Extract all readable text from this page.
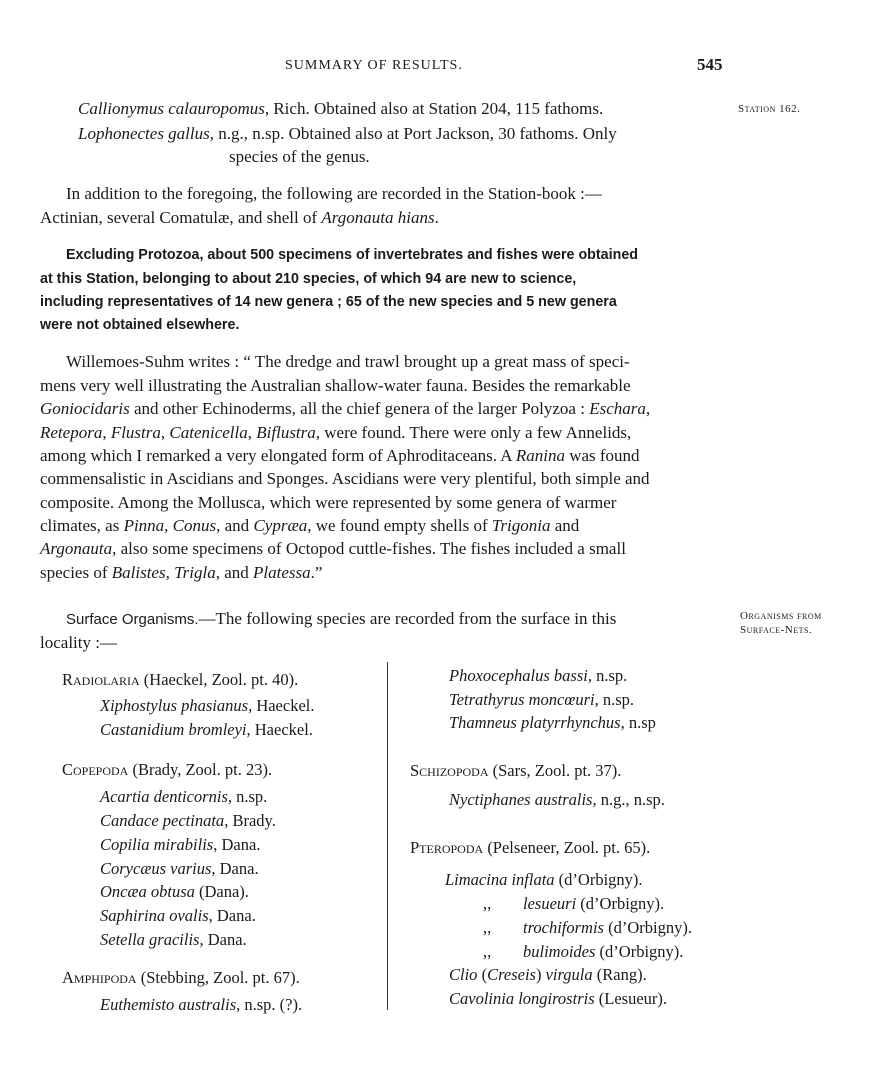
SUMMARY OF RESULTS.	545
Station 162.
Organisms from
Surface-Nets.
Callionymus calauropomus, Rich. Obtained also at Station 204, 115 fathoms.
Lophonectes gallus, n.g., n.sp. Obtained also at Port Jackson, 30 fathoms. Only
species of the genus.
In addition to the foregoing, the following are recorded in the Station-book :—
Actinian, several Comatulæ, and shell of Argonauta hians.
Excluding Protozoa, about 500 specimens of invertebrates and fishes were obtained
at this Station, belonging to about 210 species, of which 94 are new to science,
including representatives of 14 new genera ; 65 of the new species and 5 new genera
were not obtained elsewhere.
Willemoes-Suhm writes : “ The dredge and trawl brought up a great mass of speci-
mens very well illustrating the Australian shallow-water fauna. Besides the remarkable
Goniocidaris and other Echinoderms, all the chief genera of the larger Polyzoa : Eschara,
Retepora, Flustra, Catenicella, Biflustra, were found. There were only a few Annelids,
among which I remarked a very elongated form of Aphroditaceans. A Ranina was found
commensalistic in Ascidians and Sponges. Ascidians were very plentiful, both simple and
composite. Among the Mollusca, which were represented by some genera of warmer
climates, as Pinna, Conus, and Cypræa, we found empty shells of Trigonia and
Argonauta, also some specimens of Octopod cuttle-fishes. The fishes included a small
species of Balistes, Trigla, and Platessa.”
Surface Organisms.—The following species are recorded from the surface in this
locality :—
Radiolaria (Haeckel, Zool. pt. 40).
Xiphostylus phasianus, Haeckel.
Castanidium bromleyi, Haeckel.
Copepoda (Brady, Zool. pt. 23).
Acartia denticornis, n.sp.
Candace pectinata, Brady.
Copilia mirabilis, Dana.
Corycæus varius, Dana.
Oncæa obtusa (Dana).
Saphirina ovalis, Dana.
Setella gracilis, Dana.
Amphipoda (Stebbing, Zool. pt. 67).
Euthemisto australis, n.sp. (?).
Phoxocephalus bassi, n.sp.
Tetrathyrus moncœuri, n.sp.
Thamneus platyrrhynchus, n.sp
Schizopoda (Sars, Zool. pt. 37).
Nyctiphanes australis, n.g., n.sp.
Pteropoda (Pelseneer, Zool. pt. 65).
Limacina inflata (d’Orbigny).
,, lesueuri (d’Orbigny).
,, trochiformis (d’Orbigny).
,, bulimoides (d’Orbigny).
Clio (Creseis) virgula (Rang).
Cavolinia longirostris (Lesueur).
